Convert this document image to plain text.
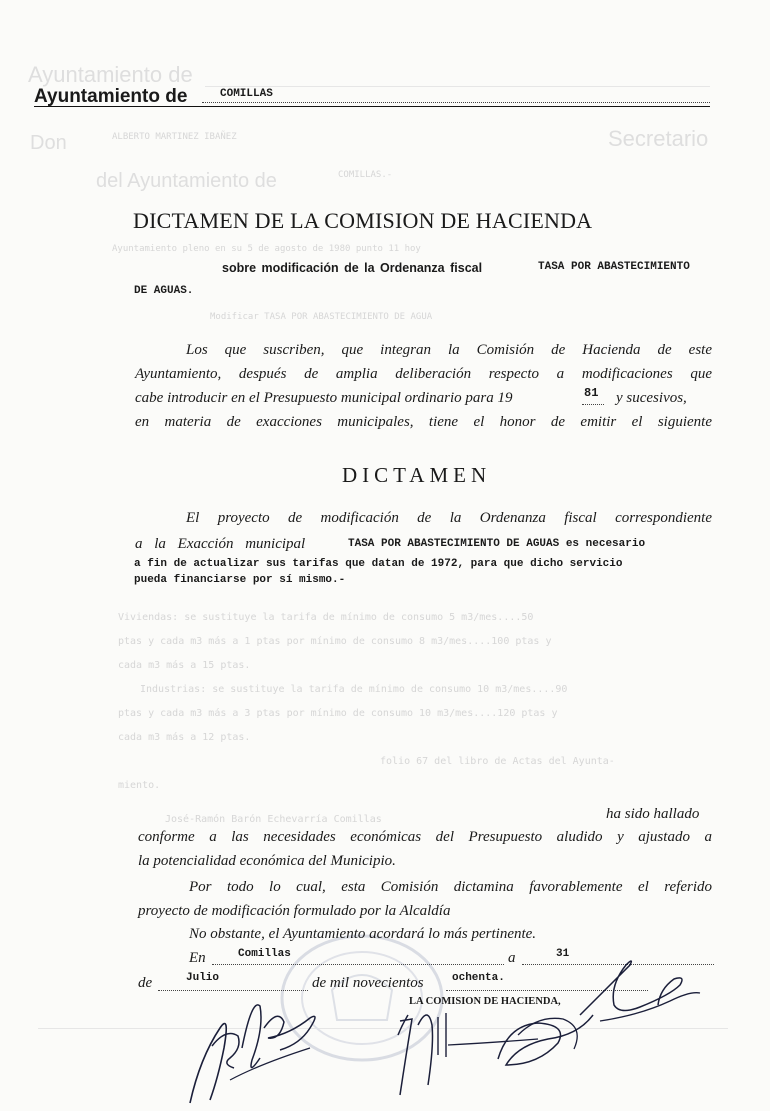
Ayuntamiento de
Don	ALBERTO MARTINEZ IBAÑEZ	Secretario
del Ayuntamiento de	COMILLAS.-
Ayuntamiento pleno en su 5 de agosto de 1980 punto 11 hoy
Modificar TASA POR ABASTECIMIENTO DE AGUA
Viviendas: se sustituye la tarifa de mínimo de consumo 5 m3/mes....50
ptas y cada m3 más a 1 ptas por mínimo de consumo 8 m3/mes....100 ptas y
cada m3 más a 15 ptas.
Industrias: se sustituye la tarifa de mínimo de consumo 10 m3/mes....90
ptas y cada m3 más a 3 ptas por mínimo de consumo 10 m3/mes....120 ptas y
cada m3 más a 12 ptas.
folio 67 del libro de Actas del Ayunta-
miento.
José-Ramón Barón Echevarría Comillas
Ayuntamiento de	COMILLAS
DICTAMEN DE LA COMISION DE HACIENDA
sobre modificación de la Ordenanza fiscal	TASA POR ABASTECIMIENTO
DE AGUAS.
Los que suscriben, que integran la Comisión de Hacienda de este
Ayuntamiento, después de amplia deliberación respecto a modificaciones que
cabe introducir en el Presupuesto municipal ordinario para 19	81 y sucesivos,
en materia de exacciones municipales, tiene el honor de emitir el siguiente
DICTAMEN
El proyecto de modificación de la Ordenanza fiscal correspondiente
a la Exacción municipal	TASA POR ABASTECIMIENTO DE AGUAS es necesario
a fin de actualizar sus tarifas que datan de 1972, para que dicho servicio
pueda financiarse por sí mismo.-
ha sido hallado
conforme a las necesidades económicas del Presupuesto aludido y ajustado a
la potencialidad económica del Municipio.
Por todo lo cual, esta Comisión dictamina favorablemente el referido
proyecto de modificación formulado por la Alcaldía
No obstante, el Ayuntamiento acordará lo más pertinente.
En	Comillas	a	31
de	Julio	de mil novecientos	ochenta.
LA COMISION DE HACIENDA,
